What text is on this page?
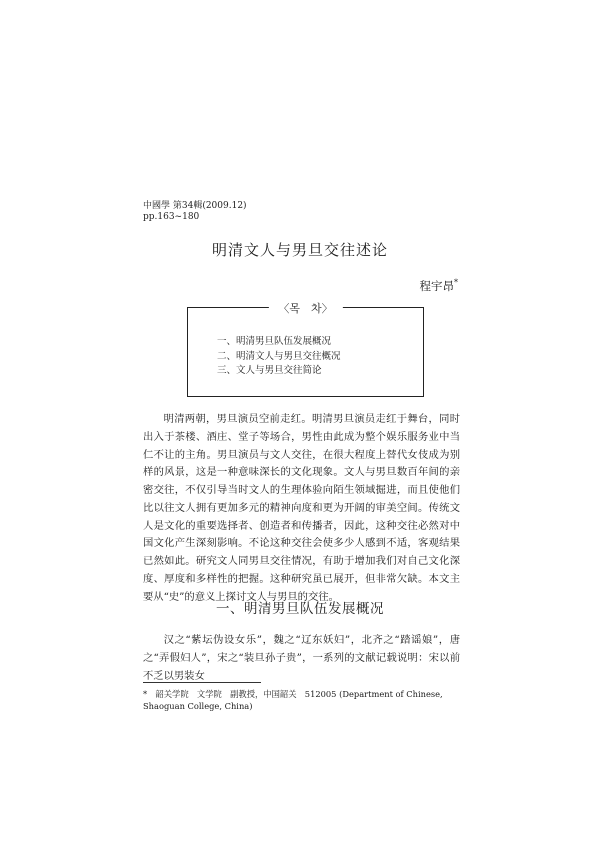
中國學 第34輯(2009.12)
pp.163~180
明清文人与男旦交往述论
程宇昂*
〈목　차〉
一、明清男旦队伍发展概况
二、明清文人与男旦交往概况
三、文人与男旦交往简论

明清两朝，男旦演员空前走红。明清男旦演员走红于舞台，同时出入于茶楼、酒庄、堂子等场合，男性由此成为整个娱乐服务业中当仁不让的主角。男旦演员与文人交往，在很大程度上替代女伎成为别样的风景，这是一种意味深长的文化现象。文人与男旦数百年间的亲密交往，不仅引导当时文人的生理体验向陌生领域掘进，而且使他们比以往文人拥有更加多元的精神向度和更为开阔的审美空间。传统文人是文化的重要选择者、创造者和传播者，因此，这种交往必然对中国文化产生深刻影响。不论这种交往会使多少人感到不适，客观结果已然如此。研究文人同男旦交往情况，有助于增加我们对自己文化深度、厚度和多样性的把握。这种研究虽已展开，但非常欠缺。本文主要从“史”的意义上探讨文人与男旦的交往。

一、明清男旦队伍发展概况

汉之“紫坛伪设女乐”，魏之“辽东妖妇”，北齐之“踏谣娘”，唐之“弄假妇人”，宋之“装旦孙子贵”，一系列的文献记载说明：宋以前不乏以男装女

*　韶关学院　文学院　副教授，中国韶关　512005 (Department of Chinese, Shaoguan College, China)
